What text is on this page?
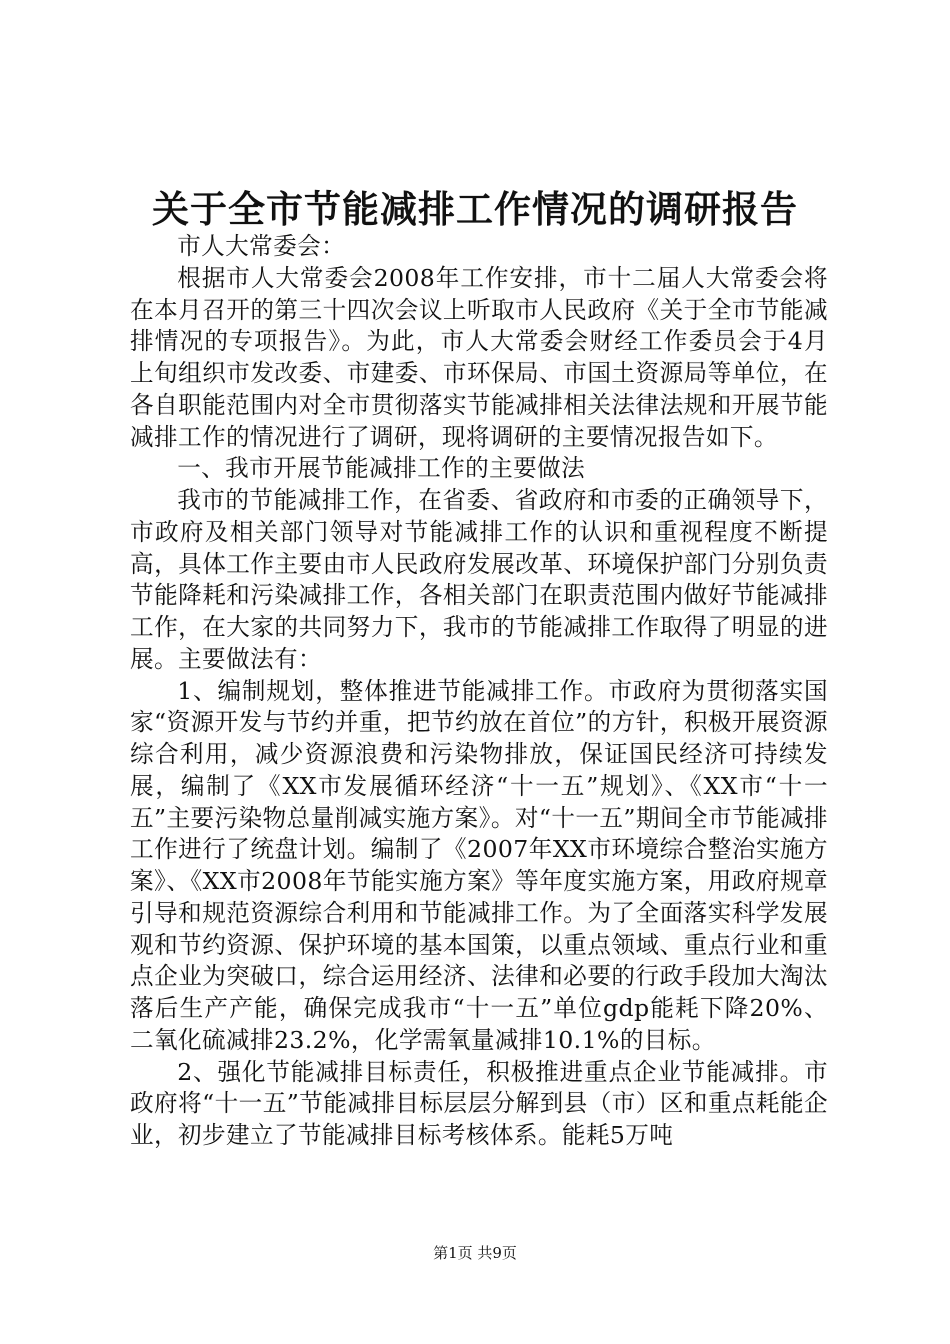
关于全市节能减排工作情况的调研报告

市人大常委会：

根据市人大常委会2008年工作安排，市十二届人大常委会将在本月召开的第三十四次会议上听取市人民政府《关于全市节能减排情况的专项报告》。为此，市人大常委会财经工作委员会于4月上旬组织市发改委、市建委、市环保局、市国土资源局等单位，在各自职能范围内对全市贯彻落实节能减排相关法律法规和开展节能减排工作的情况进行了调研，现将调研的主要情况报告如下。

一、我市开展节能减排工作的主要做法

我市的节能减排工作，在省委、省政府和市委的正确领导下，市政府及相关部门领导对节能减排工作的认识和重视程度不断提高，具体工作主要由市人民政府发展改革、环境保护部门分别负责节能降耗和污染减排工作，各相关部门在职责范围内做好节能减排工作，在大家的共同努力下，我市的节能减排工作取得了明显的进展。主要做法有：

1、编制规划，整体推进节能减排工作。市政府为贯彻落实国家“资源开发与节约并重，把节约放在首位”的方针，积极开展资源综合利用，减少资源浪费和污染物排放，保证国民经济可持续发展，编制了《XX市发展循环经济“十一五”规划》、《XX市“十一五”主要污染物总量削减实施方案》。对“十一五”期间全市节能减排工作进行了统盘计划。编制了《2007年XX市环境综合整治实施方案》、《XX市2008年节能实施方案》等年度实施方案，用政府规章引导和规范资源综合利用和节能减排工作。为了全面落实科学发展观和节约资源、保护环境的基本国策，以重点领域、重点行业和重点企业为突破口，综合运用经济、法律和必要的行政手段加大淘汰落后生产产能，确保完成我市“十一五”单位gdp能耗下降20%、二氧化硫减排23.2%，化学需氧量减排10.1%的目标。

2、强化节能减排目标责任，积极推进重点企业节能减排。市政府将“十一五”节能减排目标层层分解到县（市）区和重点耗能企业，初步建立了节能减排目标考核体系。能耗5万吨

第1页 共9页
